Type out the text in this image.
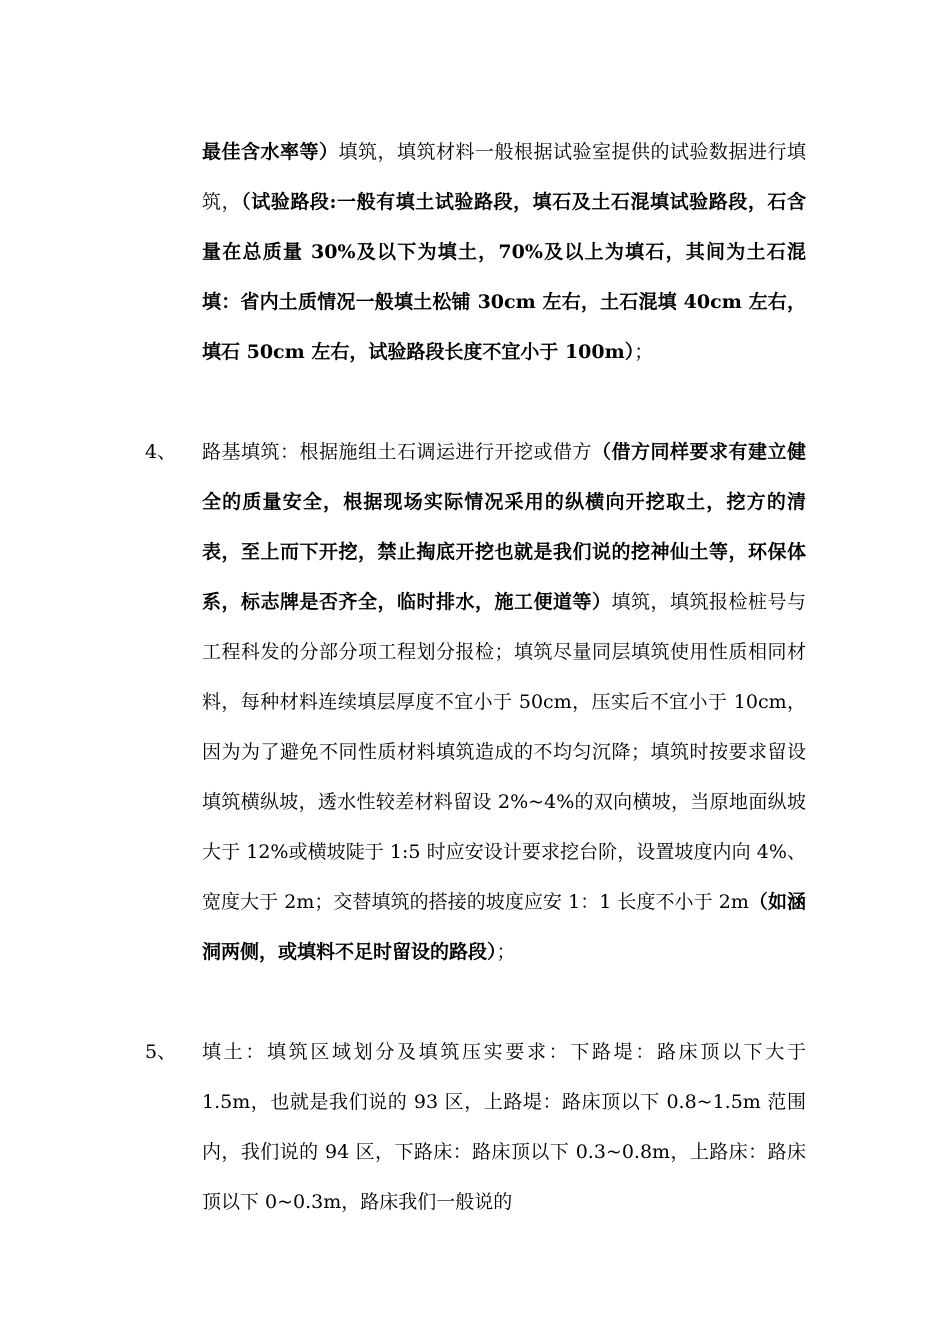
最佳含水率等）填筑，填筑材料一般根据试验室提供的试验数据进行填筑，（试验路段:一般有填土试验路段，填石及土石混填试验路段，石含量在总质量 30%及以下为填土，70%及以上为填石，其间为土石混填：省内土质情况一般填土松铺 30cm 左右，土石混填 40cm 左右，填石 50cm 左右，试验路段长度不宜小于 100m）；
4、 路基填筑：根据施组土石调运进行开挖或借方（借方同样要求有建立健全的质量安全，根据现场实际情况采用的纵横向开挖取土，挖方的清表，至上而下开挖，禁止掏底开挖也就是我们说的挖神仙土等，环保体系，标志牌是否齐全，临时排水，施工便道等）填筑，填筑报检桩号与工程科发的分部分项工程划分报检；填筑尽量同层填筑使用性质相同材料，每种材料连续填层厚度不宜小于 50cm，压实后不宜小于 10cm，因为为了避免不同性质材料填筑造成的不均匀沉降；填筑时按要求留设填筑横纵坡，透水性较差材料留设 2%~4%的双向横坡，当原地面纵坡大于 12%或横坡陡于 1:5 时应安设计要求挖台阶，设置坡度内向 4%、宽度大于 2m；交替填筑的搭接的坡度应安 1：1 长度不小于 2m（如涵洞两侧，或填料不足时留设的路段）；
5、 填土：填筑区域划分及填筑压实要求：下路堤：路床顶以下大于 1.5m，也就是我们说的 93 区，上路堤：路床顶以下 0.8~1.5m 范围内，我们说的 94 区，下路床：路床顶以下 0.3~0.8m，上路床：路床顶以下 0~0.3m，路床我们一般说的
